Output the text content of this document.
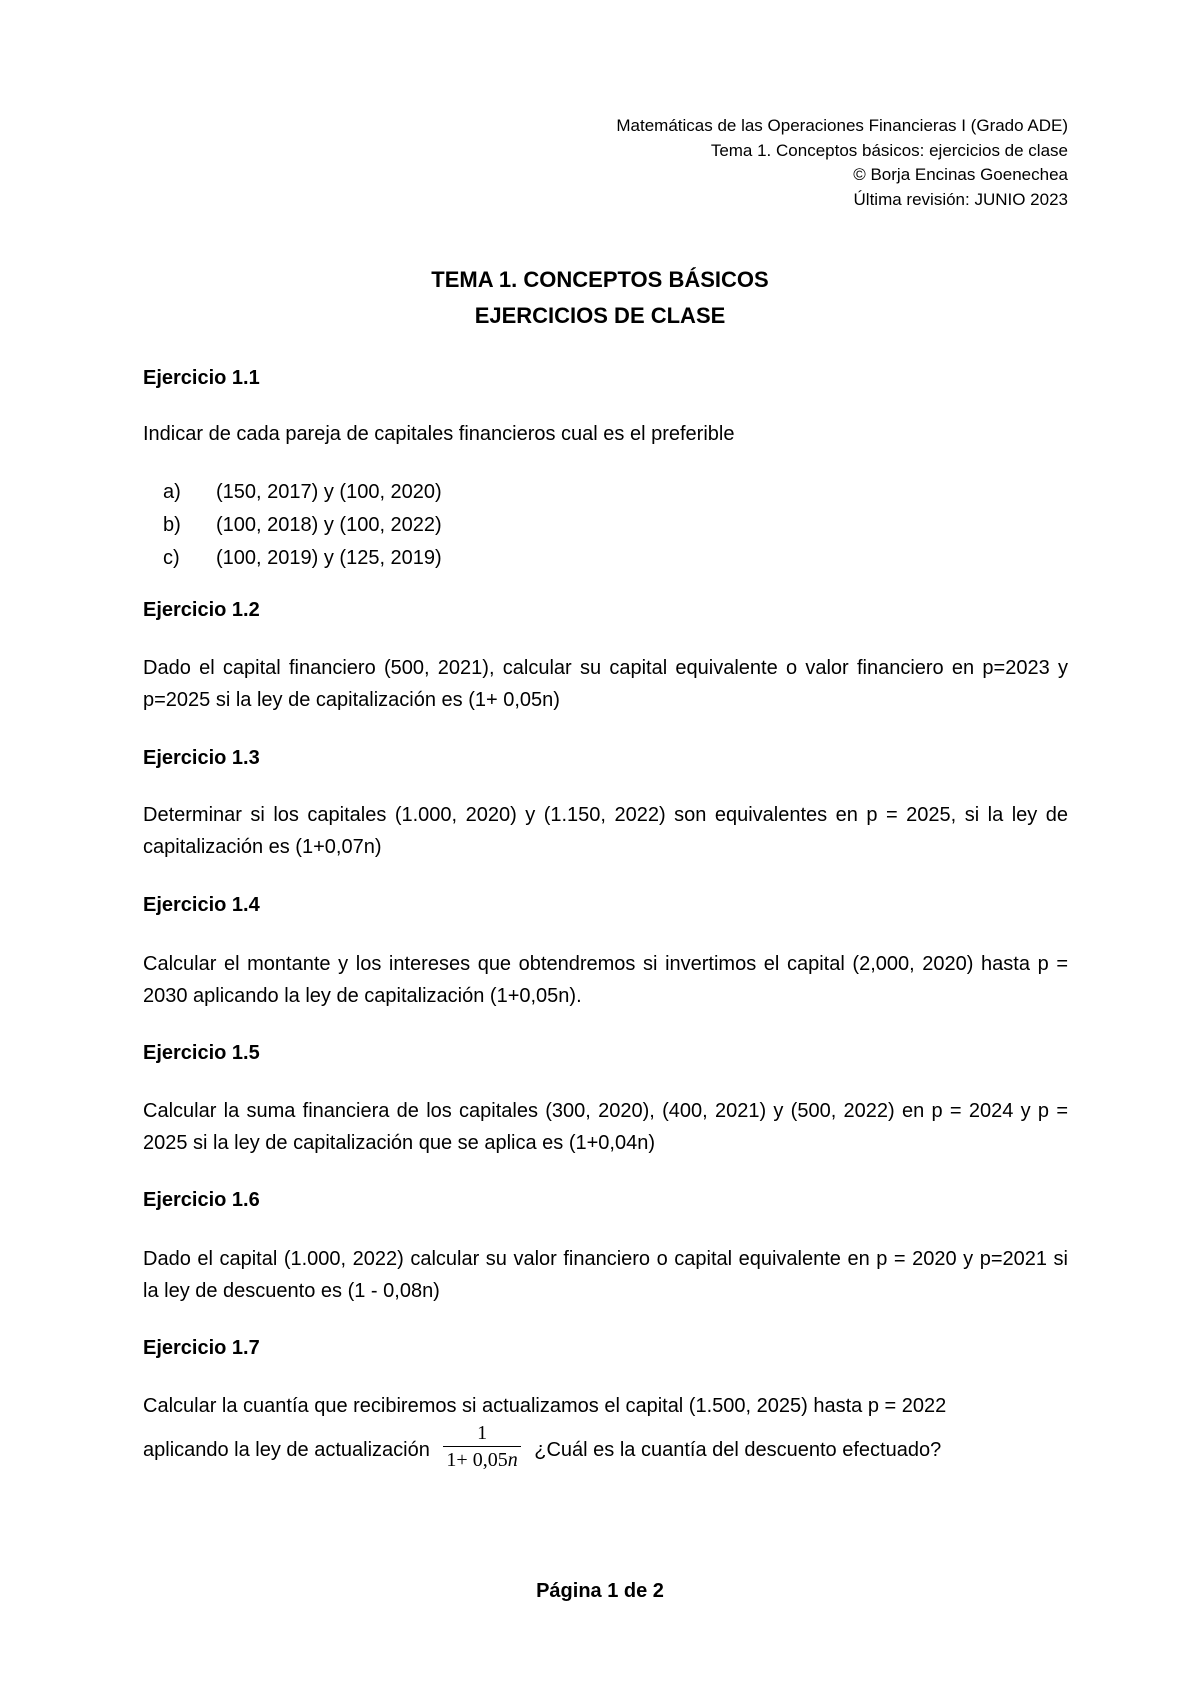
Matemáticas de las Operaciones Financieras I (Grado ADE)
Tema 1. Conceptos básicos: ejercicios de clase
© Borja Encinas Goenechea
Última revisión: JUNIO 2023
TEMA 1. CONCEPTOS BÁSICOS
EJERCICIOS DE CLASE
Ejercicio 1.1
Indicar de cada pareja de capitales financieros cual es el preferible
a) (150, 2017) y (100, 2020)
b) (100, 2018) y (100, 2022)
c) (100, 2019) y (125, 2019)
Ejercicio 1.2
Dado el capital financiero (500, 2021), calcular su capital equivalente o valor financiero en p=2023 y p=2025 si la ley de capitalización es (1+ 0,05n)
Ejercicio 1.3
Determinar si los capitales (1.000, 2020) y (1.150, 2022) son equivalentes en p = 2025, si la ley de capitalización es (1+0,07n)
Ejercicio 1.4
Calcular el montante y los intereses que obtendremos si invertimos el capital (2,000, 2020) hasta p = 2030 aplicando la ley de capitalización (1+0,05n).
Ejercicio 1.5
Calcular la suma financiera de los capitales (300, 2020), (400, 2021) y (500, 2022) en p = 2024 y p = 2025 si la ley de capitalización que se aplica es (1+0,04n)
Ejercicio 1.6
Dado el capital (1.000, 2022) calcular su valor financiero o capital equivalente en p = 2020 y p=2021 si la ley de descuento es (1 - 0,08n)
Ejercicio 1.7
Calcular la cuantía que recibiremos si actualizamos el capital (1.500, 2025) hasta p = 2022
aplicando la ley de actualización $\frac{1}{1+ 0,05n}$ ¿Cuál es la cuantía del descuento efectuado?
Página 1 de 2
